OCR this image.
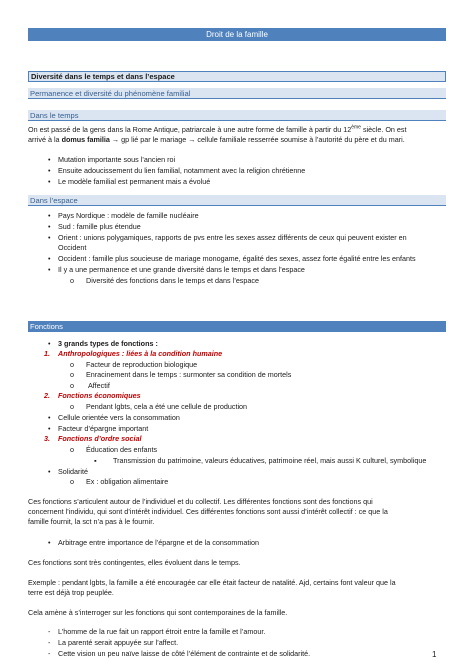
Droit de la famille
Diversité dans le temps et dans l’espace
Permanence et diversité du phénomène familial
Dans le temps
On est passé de la gens dans la Rome Antique, patriarcale à une autre forme de famille à partir du 12ème siècle. On est
arrivé à la domus familia → gp lié par le mariage → cellule familiale resserrée soumise à l’autorité du père et du mari.
• Mutation importante sous l’ancien roi
• Ensuite adoucissement du lien familial, notamment avec la religion chrétienne
• Le modèle familial est permanent mais a évolué
Dans l’espace
• Pays Nordique : modèle de famille nucléaire
• Sud : famille plus étendue
• Orient : unions polygamiques, rapports de pvs entre les sexes assez différents de ceux qui peuvent exister en
Occident
• Occident : famille plus soucieuse de mariage monogame, égalité des sexes, assez forte égalité entre les enfants
• Il y a une permanence et une grande diversité dans le temps et dans l’espace
o Diversité des fonctions dans le temps et dans l’espace
Fonctions
• 3 grands types de fonctions :
1. Anthropologiques : liées à la condition humaine
o Facteur de reproduction biologique
o Enracinement dans le temps : surmonter sa condition de mortels
o Affectif
2. Fonctions économiques
o Pendant lgbts, cela a été une cellule de production
• Cellule orientée vers la consommation
• Facteur d’épargne important
3. Fonctions d’ordre social
o Éducation des enfants
▪ Transmission du patrimoine, valeurs éducatives, patrimoine réel, mais aussi K culturel, symbolique
• Solidarité
o Ex : obligation alimentaire
Ces fonctions s’articulent autour de l’individuel et du collectif. Les différentes fonctions sont des fonctions qui
concernent l’individu, qui sont d’intérêt individuel. Ces différentes fonctions sont aussi d’intérêt collectif : ce que la
famille fournit, la sct n’a pas à le fournir.
• Arbitrage entre importance de l’épargne et de la consommation
Ces fonctions sont très contingentes, elles évoluent dans le temps.
Exemple : pendant lgbts, la famille a été encouragée car elle était facteur de natalité. Ajd, certains font valeur que la
terre est déjà trop peuplée.
Cela amène à s’interroger sur les fonctions qui sont contemporaines de la famille.
- L’homme de la rue fait un rapport étroit entre la famille et l’amour.
- La parenté serait appuyée sur l’affect.
- Cette vision un peu naïve laisse de côté l’élément de contrainte et de solidarité.	1
